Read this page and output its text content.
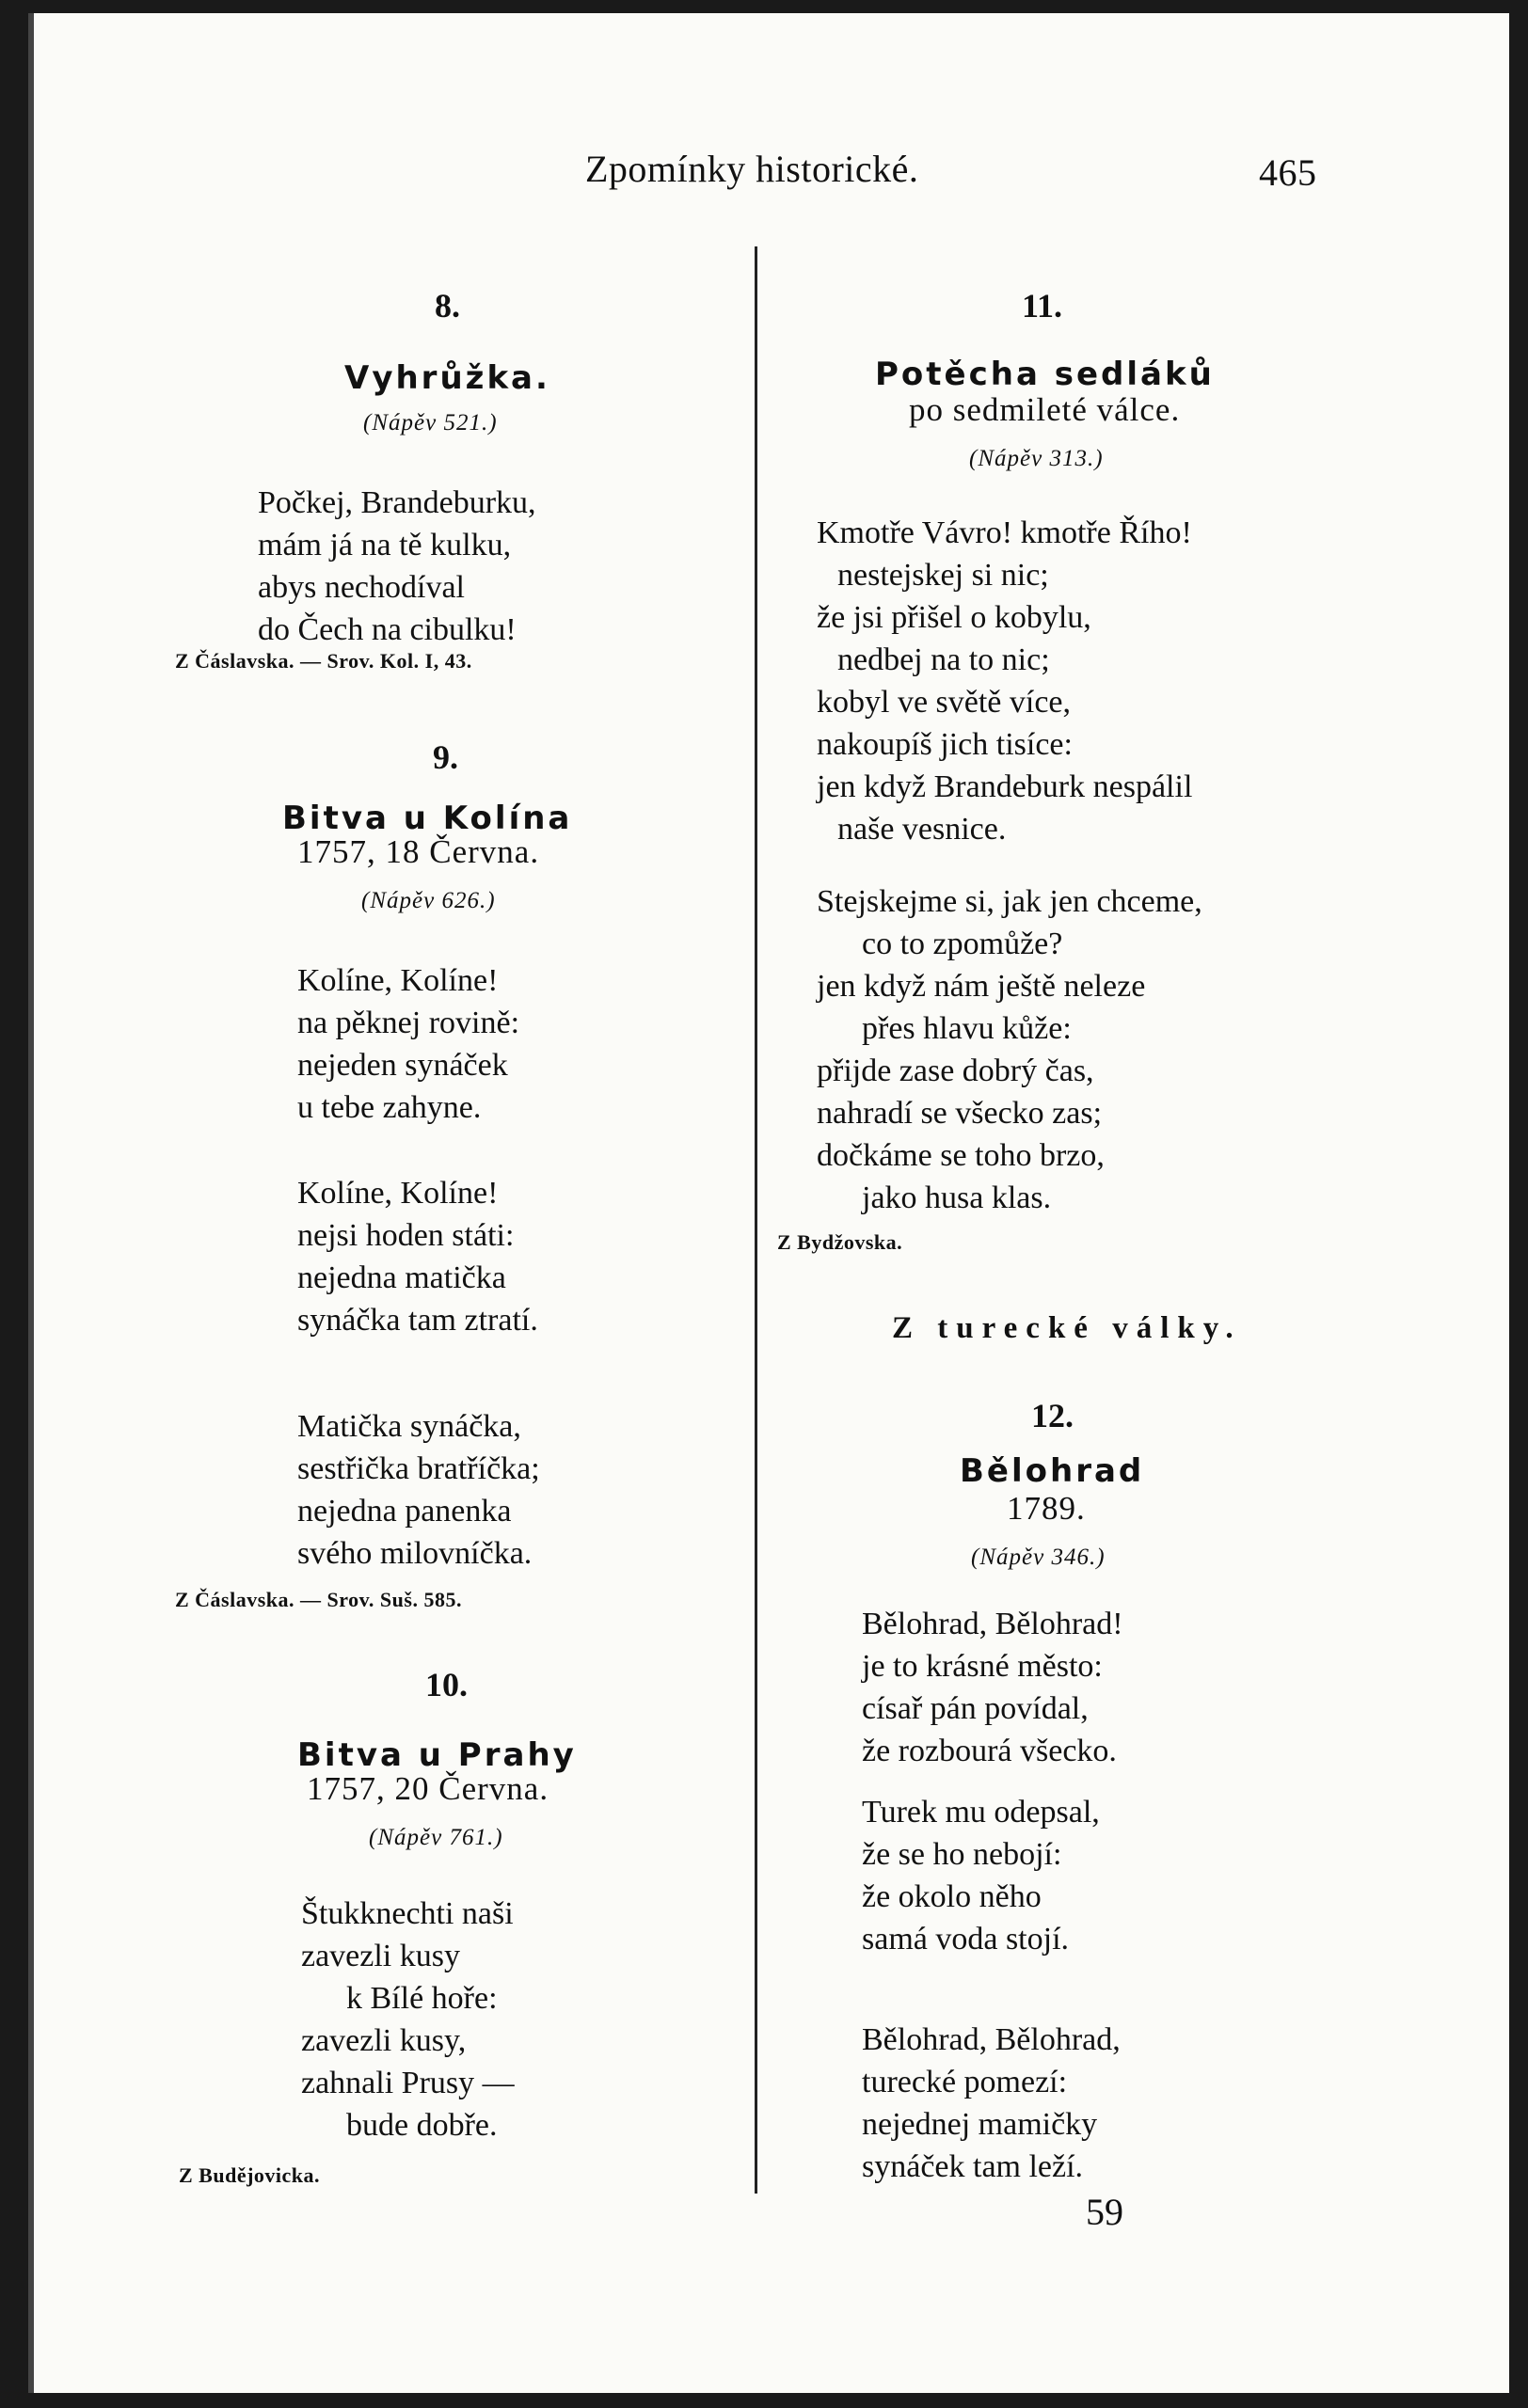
Zpomínky historické.	465
8.
Vyhrůžka.
(Nápěv 521.)
Počkej, Brandeburku,
mám já na tě kulku,
abys nechodíval
do Čech na cibulku!
Z Čáslavska. — Srov. Kol. I, 43.
9.
Bitva u Kolína
1757, 18 Června.
(Nápěv 626.)
Kolíne, Kolíne!
na pěknej rovině:
nejeden synáček
u tebe zahyne.
Kolíne, Kolíne!
nejsi hoden státi:
nejedna matička
synáčka tam ztratí.
Matička synáčka,
sestřička bratříčka;
nejedna panenka
svého milovníčka.
Z Čáslavska. — Srov. Suš. 585.
10.
Bitva u Prahy
1757, 20 Června.
(Nápěv 761.)
Štukknechti naši
zavezli kusy
k Bílé hoře:
zavezli kusy,
zahnali Prusy —
bude dobře.
Z Budějovicka.
11.
Potěcha sedláků
po sedmileté válce.
(Nápěv 313.)
Kmotře Vávro! kmotře Řího!
nestejskej si nic;
že jsi přišel o kobylu,
nedbej na to nic;
kobyl ve světě více,
nakoupíš jich tisíce:
jen když Brandeburk nespálil
naše vesnice.
Stejskejme si, jak jen chceme,
co to zpomůže?
jen když nám ještě neleze
přes hlavu kůže:
přijde zase dobrý čas,
nahradí se všecko zas;
dočkáme se toho brzo,
jako husa klas.
Z Bydžovska.
Z turecké války.
12.
Bělohrad
1789.
(Nápěv 346.)
Bělohrad, Bělohrad!
je to krásné město:
císař pán povídal,
že rozbourá všecko.
Turek mu odepsal,
že se ho nebojí:
že okolo něho
samá voda stojí.
Bělohrad, Bělohrad,
turecké pomezí:
nejednej mamičky
synáček tam leží.
59
